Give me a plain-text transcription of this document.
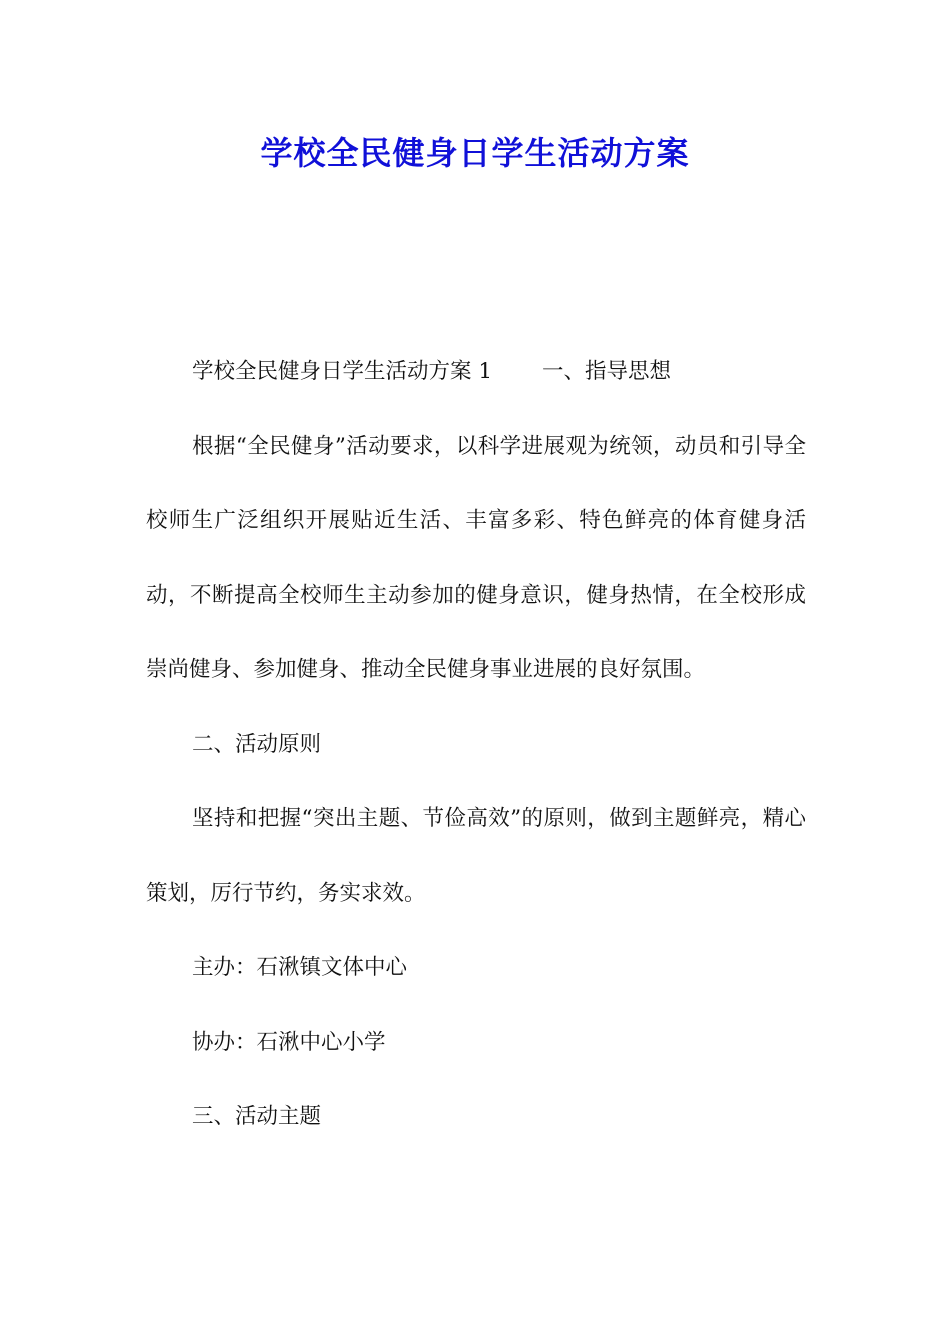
学校全民健身日学生活动方案

学校全民健身日学生活动方案 1 一、指导思想

根据“全民健身”活动要求，以科学进展观为统领，动员和引导全校师生广泛组织开展贴近生活、丰富多彩、特色鲜亮的体育健身活动，不断提高全校师生主动参加的健身意识，健身热情，在全校形成崇尚健身、参加健身、推动全民健身事业进展的良好氛围。

二、活动原则

坚持和把握“突出主题、节俭高效”的原则，做到主题鲜亮，精心策划，厉行节约，务实求效。

主办：石湫镇文体中心

协办：石湫中心小学

三、活动主题
